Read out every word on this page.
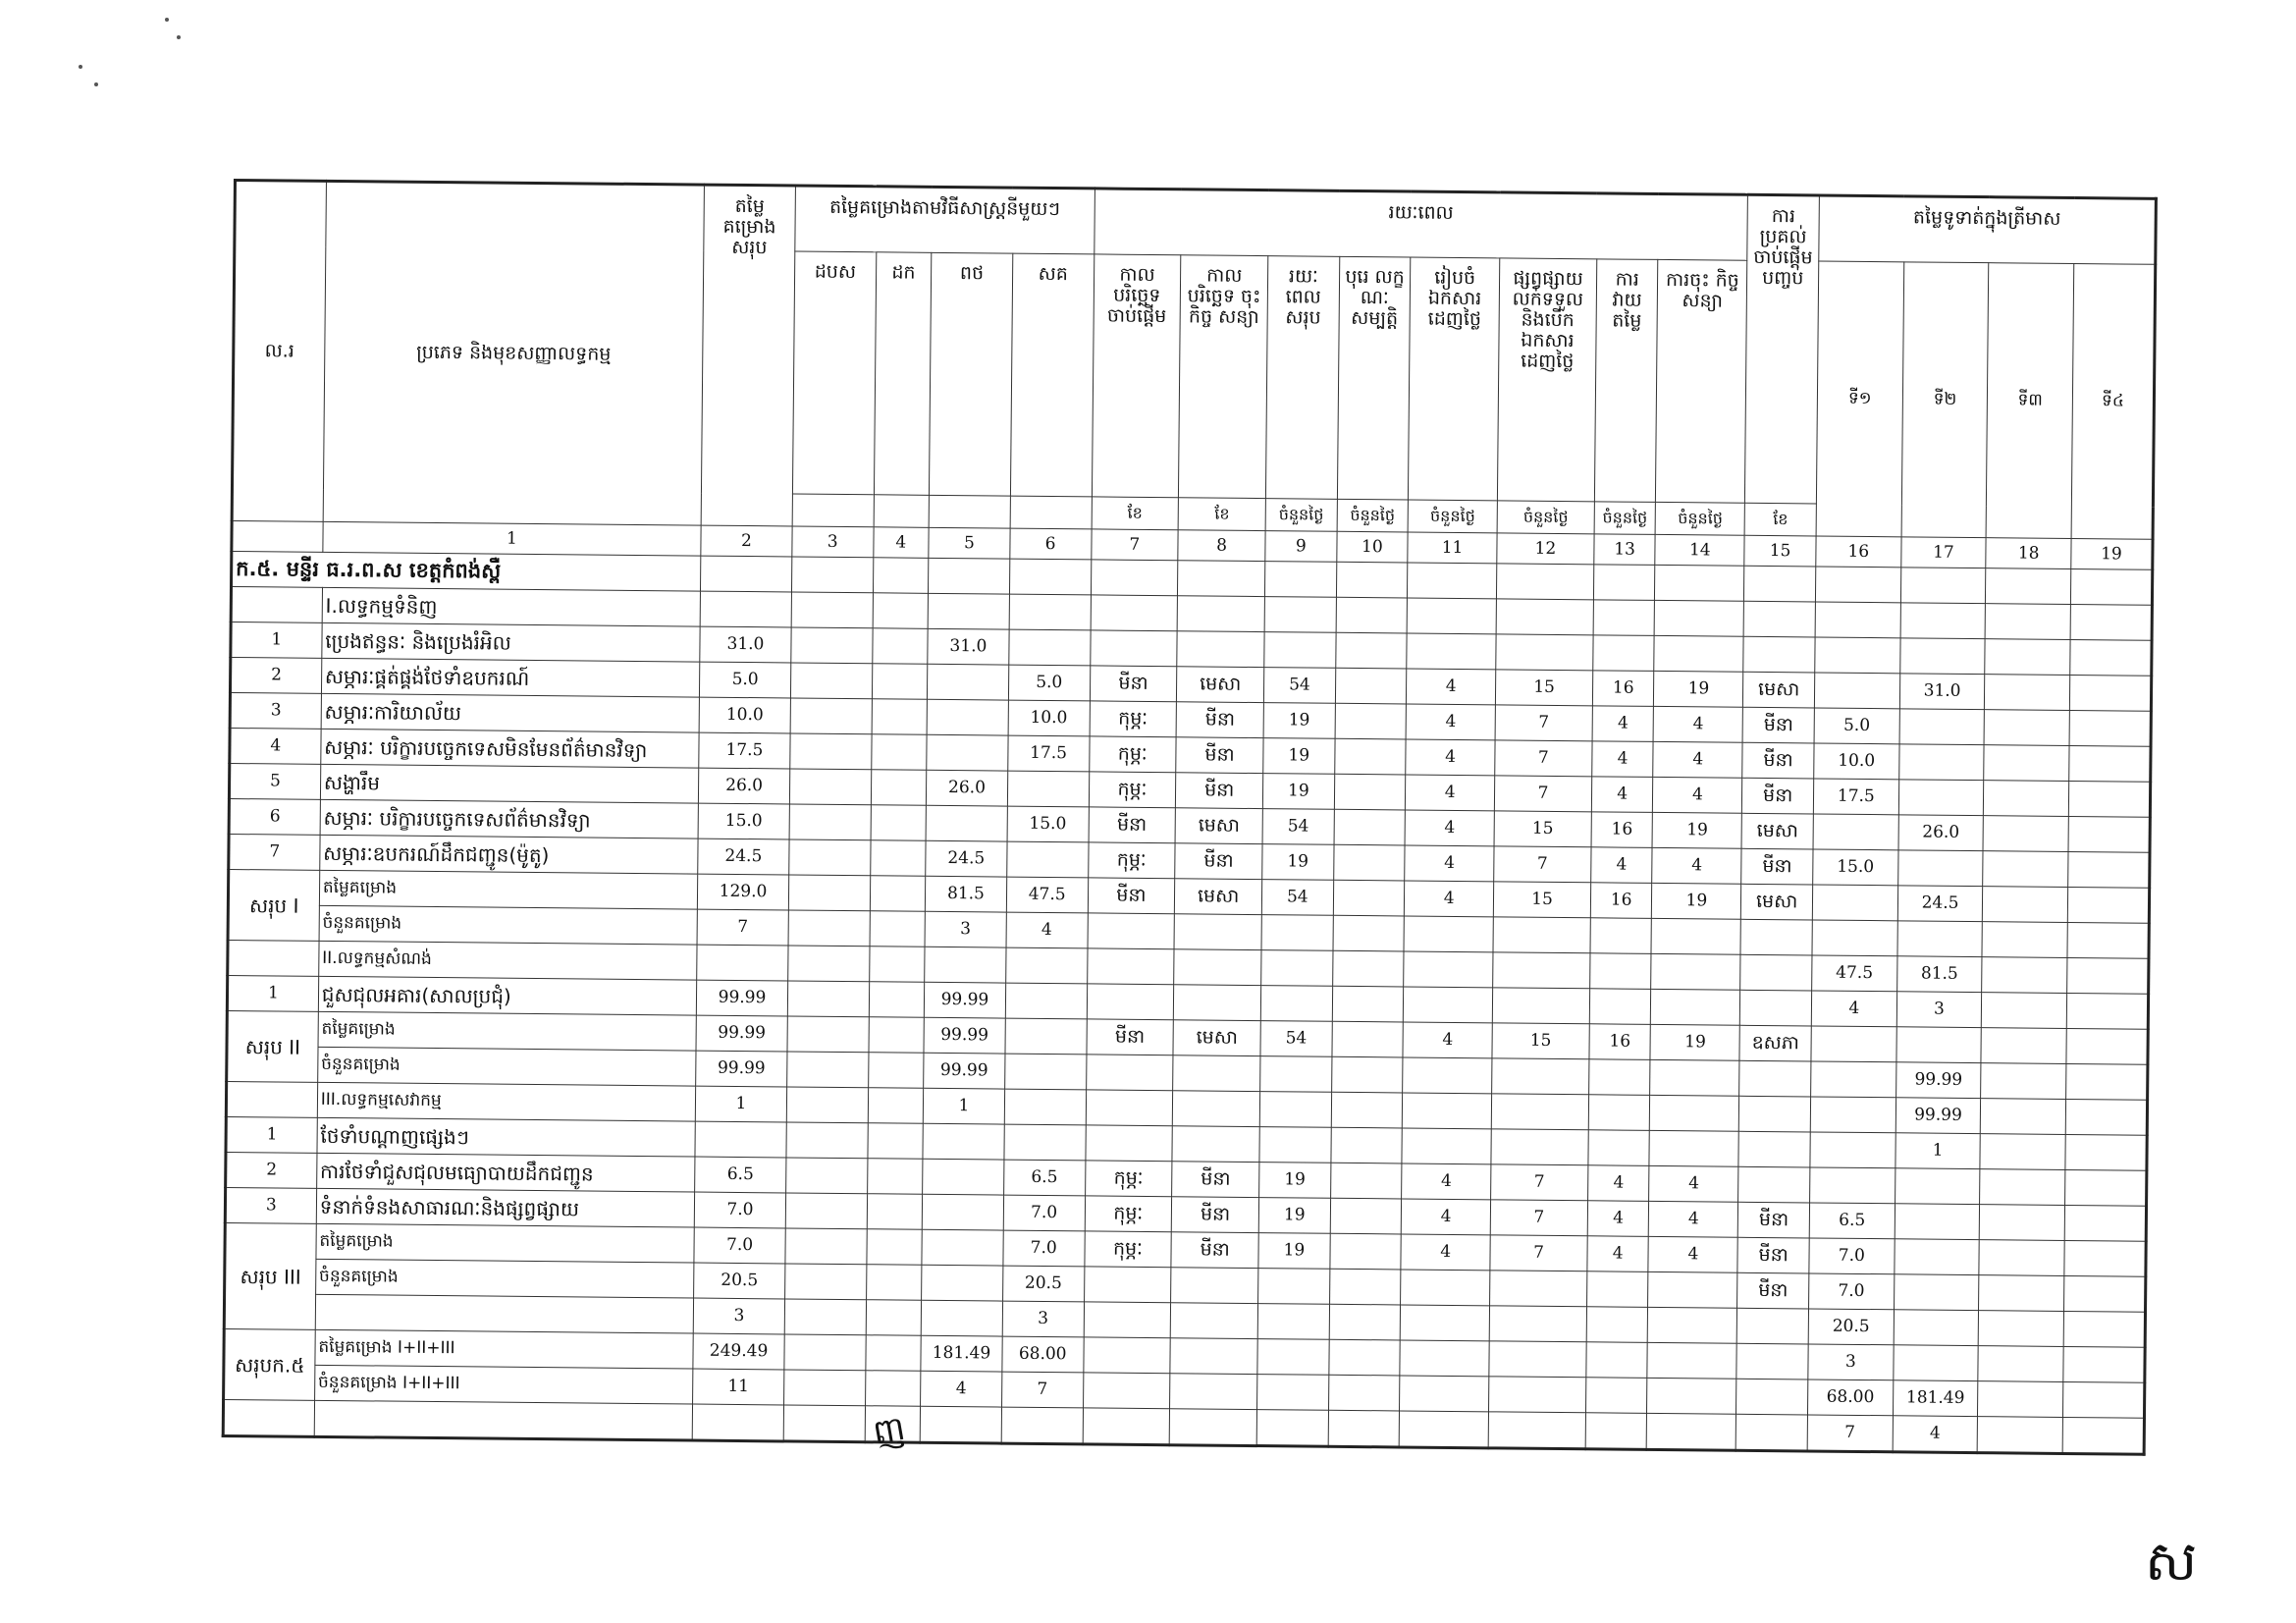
ល.រ	ប្រភេទ និងមុខសញ្ញាលទ្ធកម្ម	តម្លៃ គម្រោង សរុប	តម្លៃគម្រោងតាមវិធីសាស្ត្រនីមួយៗ				រយៈពេល								ការ ប្រគល់ ចាប់ផ្តើម បញ្ចប់	តម្លៃទូទាត់ក្នុងត្រីមាស			
			ដបស	ដក	ពថ	សគ	កាល បរិច្ឆេទ ចាប់ផ្តើម	កាល បរិច្ឆេទ ចុះកិច្ច សន្យា	រយៈ ពេល សរុប	បុរេ លក្ខ ណៈ សម្បត្តិ	រៀបចំ ឯកសារ ដេញថ្លៃ	ផ្សព្វផ្សាយ លក់ទទួល និងបើក ឯកសារ ដេញថ្លៃ	ការ វាយ តម្លៃ	ការចុះ កិច្ចសន្យា		ទី១	ទី២	ទី៣	ទី៤
							ខែ	ខែ	ចំនួនថ្ងៃ	ចំនួនថ្ងៃ	ចំនួនថ្ងៃ	ចំនួនថ្ងៃ	ចំនួនថ្ងៃ	ចំនួនថ្ងៃ	ខែ				
	1	2	3	4	5	6	7	8	9	10	11	12	13	14	15	16	17	18	19
ក.៥. មន្ទីរ ធ.រ.ព.ស ខេត្តកំពង់ស្ពឺ																			
	I.លទ្ធកម្មទំនិញ																		
1	ប្រេងឥន្ធនៈ និងប្រេងរំអិល	31.0			31.0														
2	សម្ភារៈផ្គត់ផ្គង់ថែទាំឧបករណ៍	5.0				5.0	មីនា	មេសា	54		4	15	16	19	មេសា		31.0		
3	សម្ភារៈការិយាល័យ	10.0				10.0	កុម្ភៈ	មីនា	19		4	7	4	4	មីនា	5.0			
4	សម្ភារៈ បរិក្ខារបច្ចេកទេសមិនមែនព័ត៌មានវិទ្យា	17.5				17.5	កុម្ភៈ	មីនា	19		4	7	4	4	មីនា	10.0			
5	សង្ហារឹម	26.0			26.0		កុម្ភៈ	មីនា	19		4	7	4	4	មីនា	17.5			
6	សម្ភារៈ បរិក្ខារបច្ចេកទេសព័ត៌មានវិទ្យា	15.0				15.0	មីនា	មេសា	54		4	15	16	19	មេសា		26.0		
7	សម្ភារៈឧបករណ៍ដឹកជញ្ជូន(ម៉ូតូ)	24.5			24.5		កុម្ភៈ	មីនា	19		4	7	4	4	មីនា	15.0			
សរុប I	តម្លៃគម្រោង	129.0			81.5	47.5	មីនា	មេសា	54		4	15	16	19	មេសា		24.5		
	ចំនួនគម្រោង	7			3	4													
	II.លទ្ធកម្មសំណង់															47.5	81.5		
1	ជួសជុលអគារ(សាលប្រជុំ)	99.99			99.99											4	3		
សរុប II	តម្លៃគម្រោង	99.99			99.99		មីនា	មេសា	54		4	15	16	19	ឧសភា				
	ចំនួនគម្រោង	99.99			99.99												99.99		
	III.លទ្ធកម្មសេវាកម្ម	1			1												99.99		
1	ថែទាំបណ្តាញផ្សេងៗ																1		
2	ការថែទាំជួសជុលមធ្យោបាយដឹកជញ្ជូន	6.5				6.5	កុម្ភៈ	មីនា	19		4	7	4	4					
3	ទំនាក់ទំនងសាធារណៈនិងផ្សព្វផ្សាយ	7.0				7.0	កុម្ភៈ	មីនា	19		4	7	4	4	មីនា	6.5			
សរុប III	តម្លៃគម្រោង	7.0				7.0	កុម្ភៈ	មីនា	19		4	7	4	4	មីនា	7.0			
	ចំនួនគម្រោង	20.5				20.5									មីនា	7.0			
		3				3										20.5			
សរុបក.៥	តម្លៃគម្រោង I+II+III	249.49			181.49	68.00										3			
	ចំនួនគម្រោង I+II+III	11			4	7										68.00	181.49		
																7	4		
ញ
ស
